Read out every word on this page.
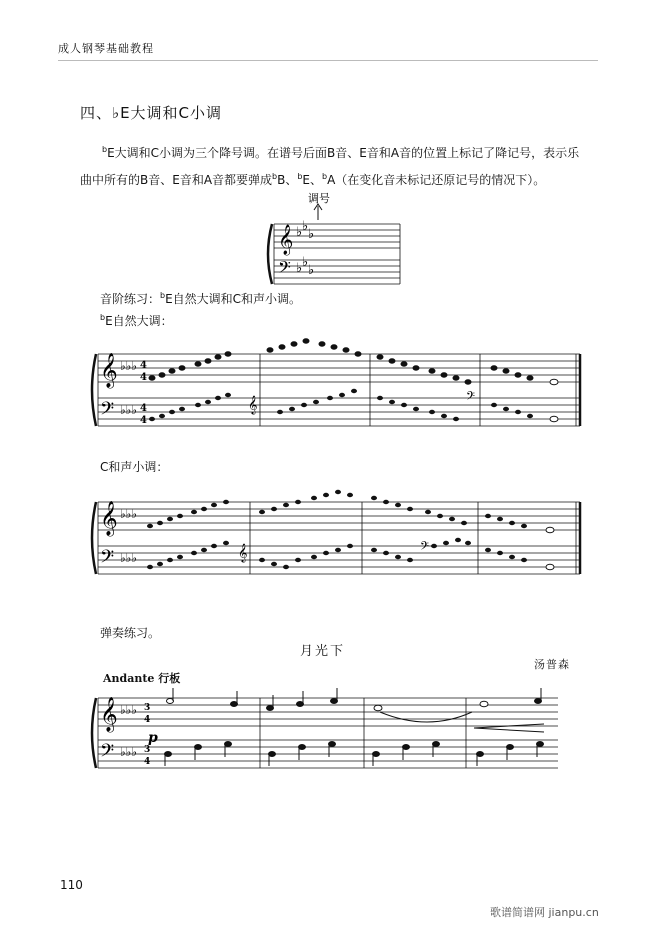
成人钢琴基础教程
四、♭E大调和C小调
$^b$E大调和C小调为三个降号调。在谱号后面B音、E音和A音的位置上标记了降记号，表示乐曲中所有的B音、E音和A音都要弹成$^b$B、$^b$E、$^b$A（在变化音未标记还原记号的情况下）。
调号
𝄞
𝄢
♭ ♭
♭
♭ ♭
♭
音阶练习：$^b$E自然大调和C和声小调。
$^b$E自然大调：
𝄞
𝄢
♭♭♭
♭♭♭
4
4
4
4
𝄞	𝄢
C和声小调：
𝄞
𝄢
♭♭♭
♭♭♭	𝄞	𝄢
弹奏练习。
月光下
汤普森
Andante 行板
𝄞
𝄢
♭♭♭
♭♭♭
3
4
3
4
p
110
歌谱简谱网 jianpu.cn
